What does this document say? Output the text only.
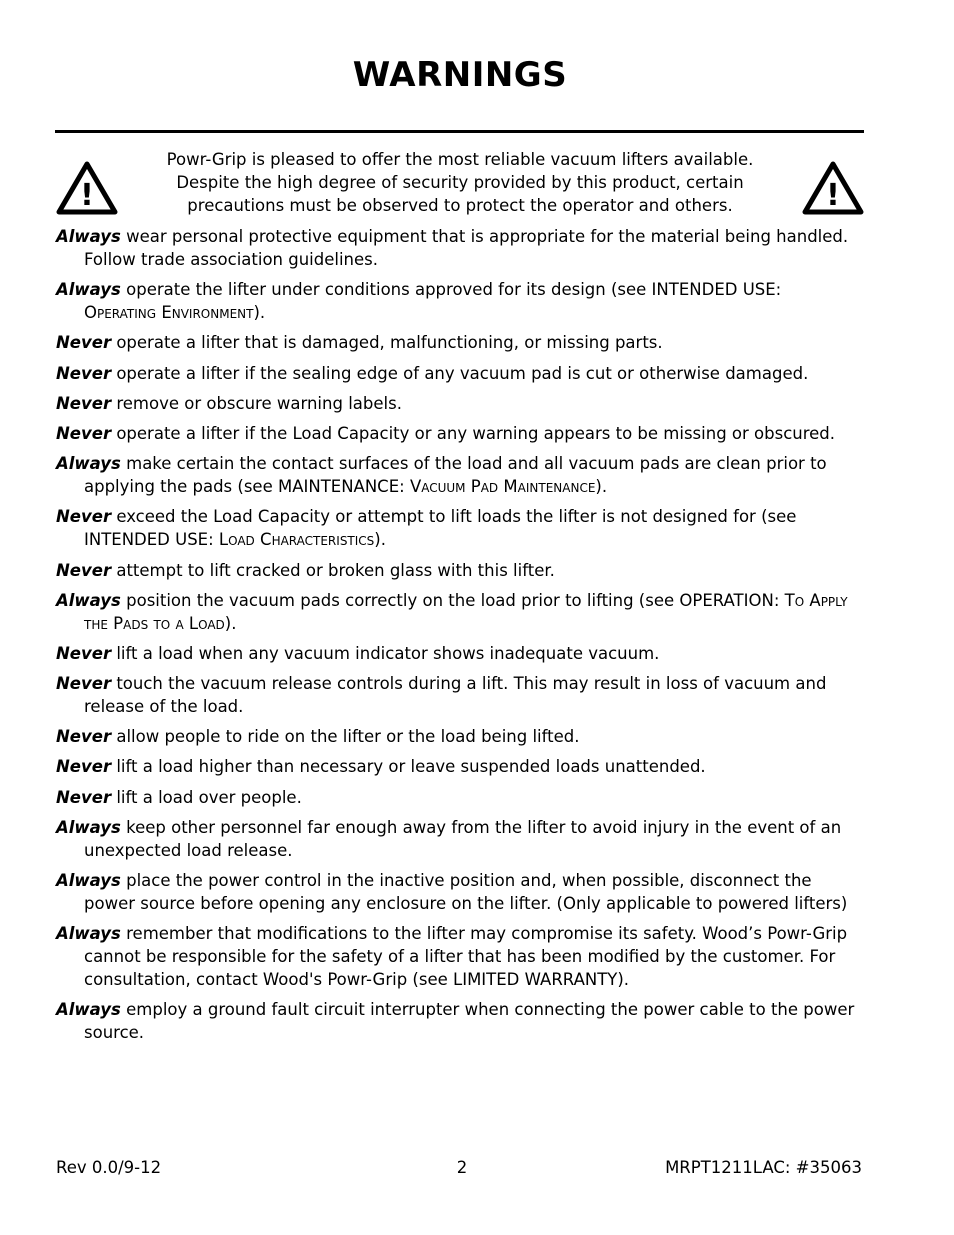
WARNINGS
!
Powr-Grip is pleased to offer the most reliable vacuum lifters available.
Despite the high degree of security provided by this product, certain
precautions must be observed to protect the operator and others.	!
Always wear personal protective equipment that is appropriate for the material being handled.
Follow trade association guidelines.
Always operate the lifter under conditions approved for its design (see INTENDED USE:
Operating Environment).
Never operate a lifter that is damaged, malfunctioning, or missing parts.
Never operate a lifter if the sealing edge of any vacuum pad is cut or otherwise damaged.
Never remove or obscure warning labels.
Never operate a lifter if the Load Capacity or any warning appears to be missing or obscured.
Always make certain the contact surfaces of the load and all vacuum pads are clean prior to
applying the pads (see MAINTENANCE: Vacuum Pad Maintenance).
Never exceed the Load Capacity or attempt to lift loads the lifter is not designed for (see
INTENDED USE: Load Characteristics).
Never attempt to lift cracked or broken glass with this lifter.
Always position the vacuum pads correctly on the load prior to lifting (see OPERATION: To Apply
the Pads to a Load).
Never lift a load when any vacuum indicator shows inadequate vacuum.
Never touch the vacuum release controls during a lift. This may result in loss of vacuum and
release of the load.
Never allow people to ride on the lifter or the load being lifted.
Never lift a load higher than necessary or leave suspended loads unattended.
Never lift a load over people.
Always keep other personnel far enough away from the lifter to avoid injury in the event of an
unexpected load release.
Always place the power control in the inactive position and, when possible, disconnect the
power source before opening any enclosure on the lifter. (Only applicable to powered lifters)
Always remember that modifications to the lifter may compromise its safety. Wood’s Powr-Grip
cannot be responsible for the safety of a lifter that has been modified by the customer. For
consultation, contact Wood's Powr-Grip (see LIMITED WARRANTY).
Always employ a ground fault circuit interrupter when connecting the power cable to the power
source.
Rev 0.0/9-12	2	MRPT1211LAC: #35063
